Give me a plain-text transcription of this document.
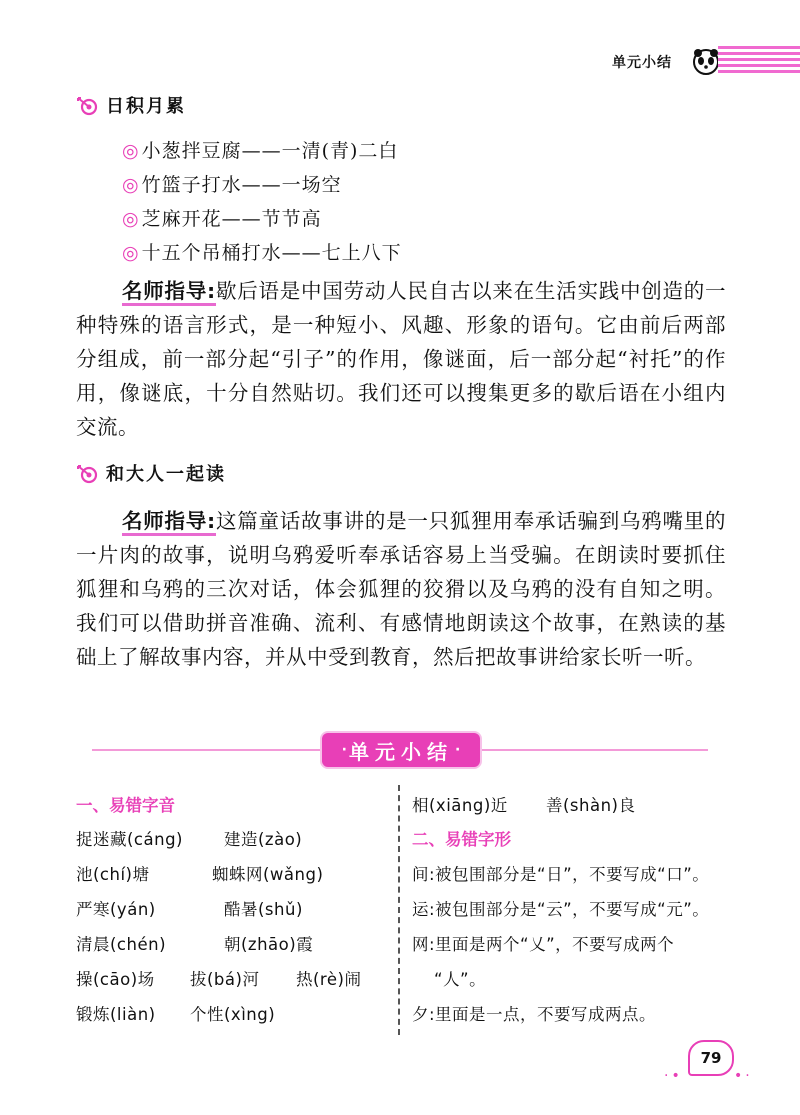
单元小结
日积月累
◎ 小葱拌豆腐——一清(青)二白
◎ 竹篮子打水——一场空
◎ 芝麻开花——节节高
◎ 十五个吊桶打水——七上八下
名师指导:歇后语是中国劳动人民自古以来在生活实践中创造的一种特殊的语言形式，是一种短小、风趣、形象的语句。它由前后两部分组成，前一部分起“引子”的作用，像谜面，后一部分起“衬托”的作用，像谜底，十分自然贴切。我们还可以搜集更多的歇后语在小组内交流。
和大人一起读
名师指导:这篇童话故事讲的是一只狐狸用奉承话骗到乌鸦嘴里的一片肉的故事，说明乌鸦爱听奉承话容易上当受骗。在朗读时要抓住狐狸和乌鸦的三次对话，体会狐狸的狡猾以及乌鸦的没有自知之明。我们可以借助拼音准确、流利、有感情地朗读这个故事，在熟读的基础上了解故事内容，并从中受到教育，然后把故事讲给家长听一听。
· 单元小结 ·
一、易错字音
捉迷藏(cáng) 建造(zào)
池(chí)塘	蜘蛛网(wǎng)
严寒(yán)	酷暑(shǔ)
清晨(chén)	朝(zhāo)霞
操(cāo)场 拔(bá)河 热(rè)闹
锻炼(liàn) 个性(xìng)
相(xiāng)近 善(shàn)良
二、易错字形
间:被包围部分是“日”，不要写成“口”。
运:被包围部分是“云”，不要写成“元”。
网:里面是两个“乂”，不要写成两个
“人”。
夕:里面是一点，不要写成两点。
79
·•	•·
